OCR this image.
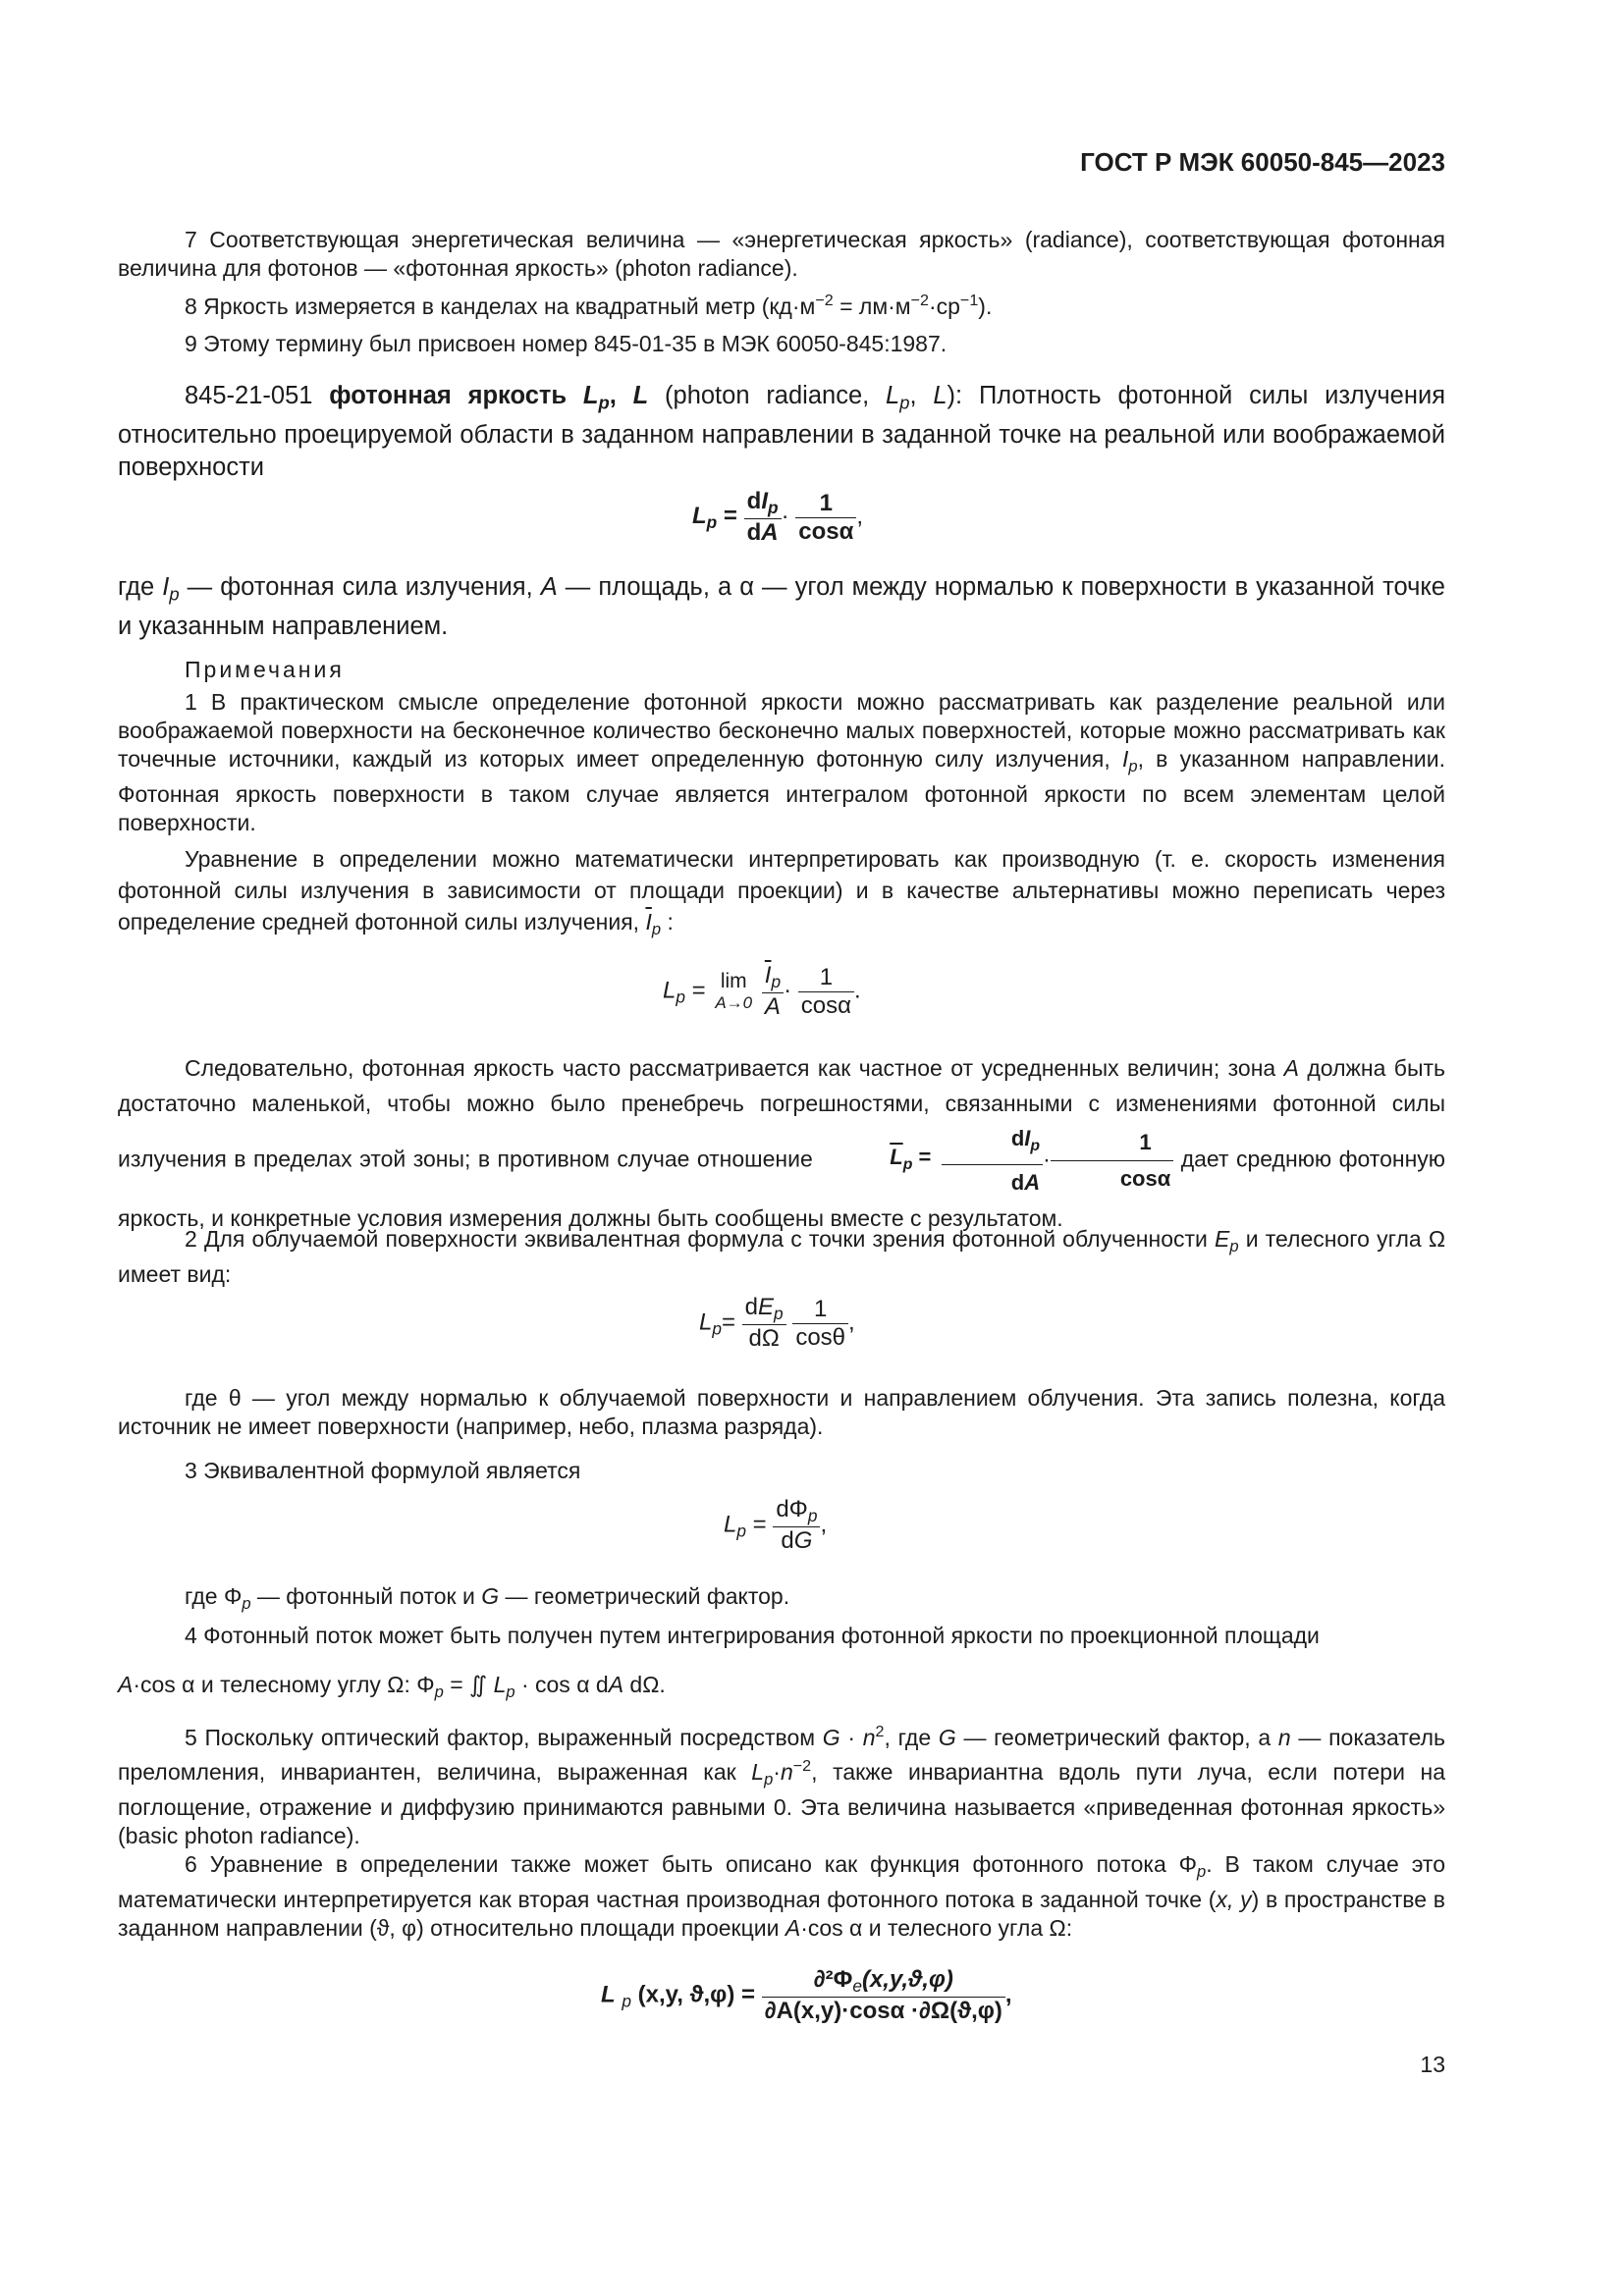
ГОСТ Р МЭК 60050-845—2023

7 Соответствующая энергетическая величина — «энергетическая яркость» (radiance), соответствующая фотонная величина для фотонов — «фотонная яркость» (photon radiance).

8 Яркость измеряется в канделах на квадратный метр $(кд\cdot м^{-2} = лм\cdot м^{-2}\cdot ср^{-1})$.

9 Этому термину был присвоен номер 845-01-35 в МЭК 60050-845:1987.

845-21-051 фотонная яркость $L_p$, L (photon radiance, $L_p$, L): Плотность фотонной силы излучения относительно проецируемой области в заданном направлении в заданной точке на реальной или воображаемой поверхности

$L_p$ =
$dI_p$
dA
· $\frac{1}{\cos\alpha}$ ,

где $I_p$ — фотонная сила излучения, A — площадь, а α — угол между нормалью к поверхности в указанной точке и указанным направлением.

Примечания

1 В практическом смысле определение фотонной яркости можно рассматривать как разделение реальной или воображаемой поверхности на бесконечное количество бесконечно малых поверхностей, которые можно рассматривать как точечные источники, каждый из которых имеет определенную фотонную силу излучения, $I_p$, в указанном направлении. Фотонная яркость поверхности в таком случае является интегралом фотонной яркости по всем элементам целой поверхности.

Уравнение в определении можно математически интерпретировать как производную (т. е. скорость изменения фотонной силы излучения в зависимости от площади проекции) и в качестве альтернативы можно переписать через определение средней фотонной силы излучения, $\overline{I}_p$ :

$L_p = \lim$
A→0
$\frac{\overline{I}_p}{A} \cdot \frac{1}{\cos\alpha}$ .

Следовательно, фотонная яркость часто рассматривается как частное от усредненных величин; зона A должна быть достаточно маленькой, чтобы можно было пренебречь погрешностями, связанными с изменениями фотонной силы излучения в пределах этой зоны; в противном случае отношение	$\overline{L}_p$ =

$dI_p$
dA
· $\frac{1}{\cos\alpha}$ дает среднюю фотонную яркость, и конкретные условия измерения должны быть сообщены вместе с результатом.

2 Для облучаемой поверхности эквивалентная формула с точки зрения фотонной облученности $E_p$ и телесного угла Ω имеет вид:

$L_p=$
$dE_p$
dΩ
$\frac{1}{\cos\theta}$ ,

где θ — угол между нормалью к облучаемой поверхности и направлением облучения. Эта запись полезна, когда источник не имеет поверхности (например, небо, плазма разряда).

3 Эквивалентной формулой является

$L_p$ =
$d\Phi_p$
dG
,

где $\Phi_p$ — фотонный поток и G — геометрический фактор.

4 Фотонный поток может быть получен путем интегрирования фотонной яркости по проекционной площади

A·cos α и телесному углу Ω: $\Phi_p$ = ∬ $L_p \cdot \cos \alpha$ dA dΩ.

5 Поскольку оптический фактор, выраженный посредством $G \cdot n^2$, где G — геометрический фактор, а n — показатель преломления, инвариантен, величина, выраженная как $L_p\cdot n^{-2}$, также инвариантна вдоль пути луча, если потери на поглощение, отражение и диффузию принимаются равными 0. Эта величина называется «приведенная фотонная яркость» (basic photon radiance).

6 Уравнение в определении также может быть описано как функция фотонного потока $\Phi_p$. В таком случае это математически интерпретируется как вторая частная производная фотонного потока в заданной точке (x, y) в пространстве в заданном направлении (ϑ, φ) относительно площади проекции A·cos α и телесного угла Ω:

L $_p$ (x,y, $ϑ,\varphi) = \frac{\partial^2\Phi_e(x,y,ϑ,\varphi)}{\partial A(x,y)\cdot\cos\alpha \cdot\partial\Omega(ϑ,\varphi)}$ ,
13
